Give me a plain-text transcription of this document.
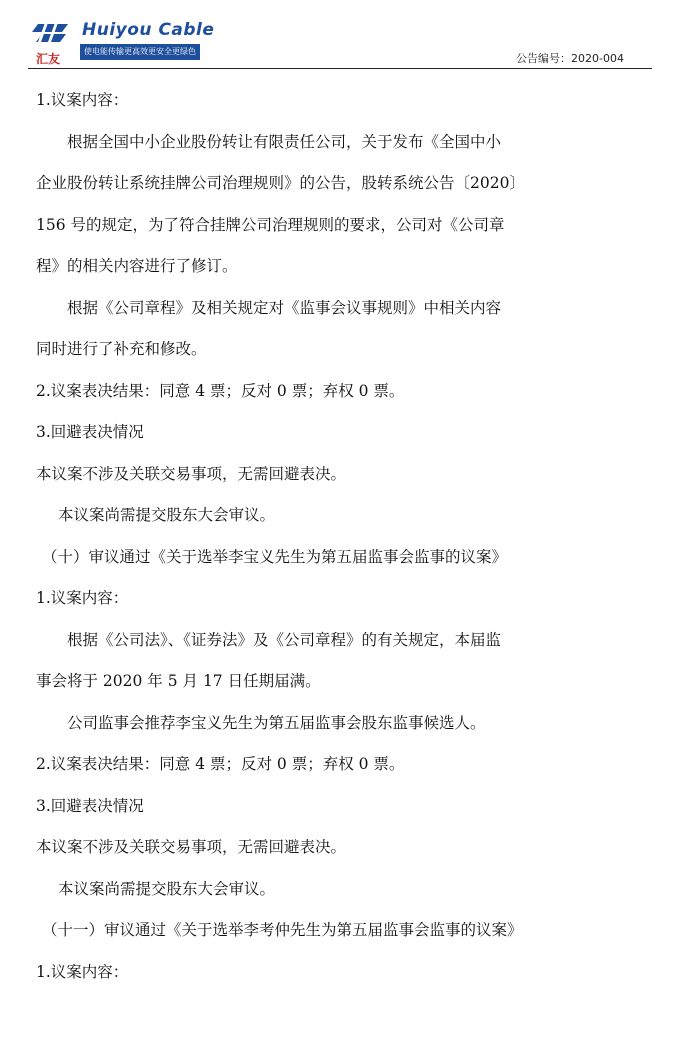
汇友
Huiyou Cable
使电能传输更高效更安全更绿色
公告编号：2020-004

1.议案内容：

根据全国中小企业股份转让有限责任公司，关于发布《全国中小

企业股份转让系统挂牌公司治理规则》的公告，股转系统公告〔2020〕

156 号的规定，为了符合挂牌公司治理规则的要求，公司对《公司章

程》的相关内容进行了修订。

根据《公司章程》及相关规定对《监事会议事规则》中相关内容

同时进行了补充和修改。

2.议案表决结果：同意 4 票；反对 0 票；弃权 0 票。

3.回避表决情况

本议案不涉及关联交易事项，无需回避表决。

本议案尚需提交股东大会审议。

（十）审议通过《关于选举李宝义先生为第五届监事会监事的议案》

1.议案内容：

根据《公司法》、《证券法》及《公司章程》的有关规定，本届监

事会将于 2020 年 5 月 17 日任期届满。

公司监事会推荐李宝义先生为第五届监事会股东监事候选人。

2.议案表决结果：同意 4 票；反对 0 票；弃权 0 票。

3.回避表决情况

本议案不涉及关联交易事项，无需回避表决。

本议案尚需提交股东大会审议。

（十一）审议通过《关于选举李考仲先生为第五届监事会监事的议案》

1.议案内容：
